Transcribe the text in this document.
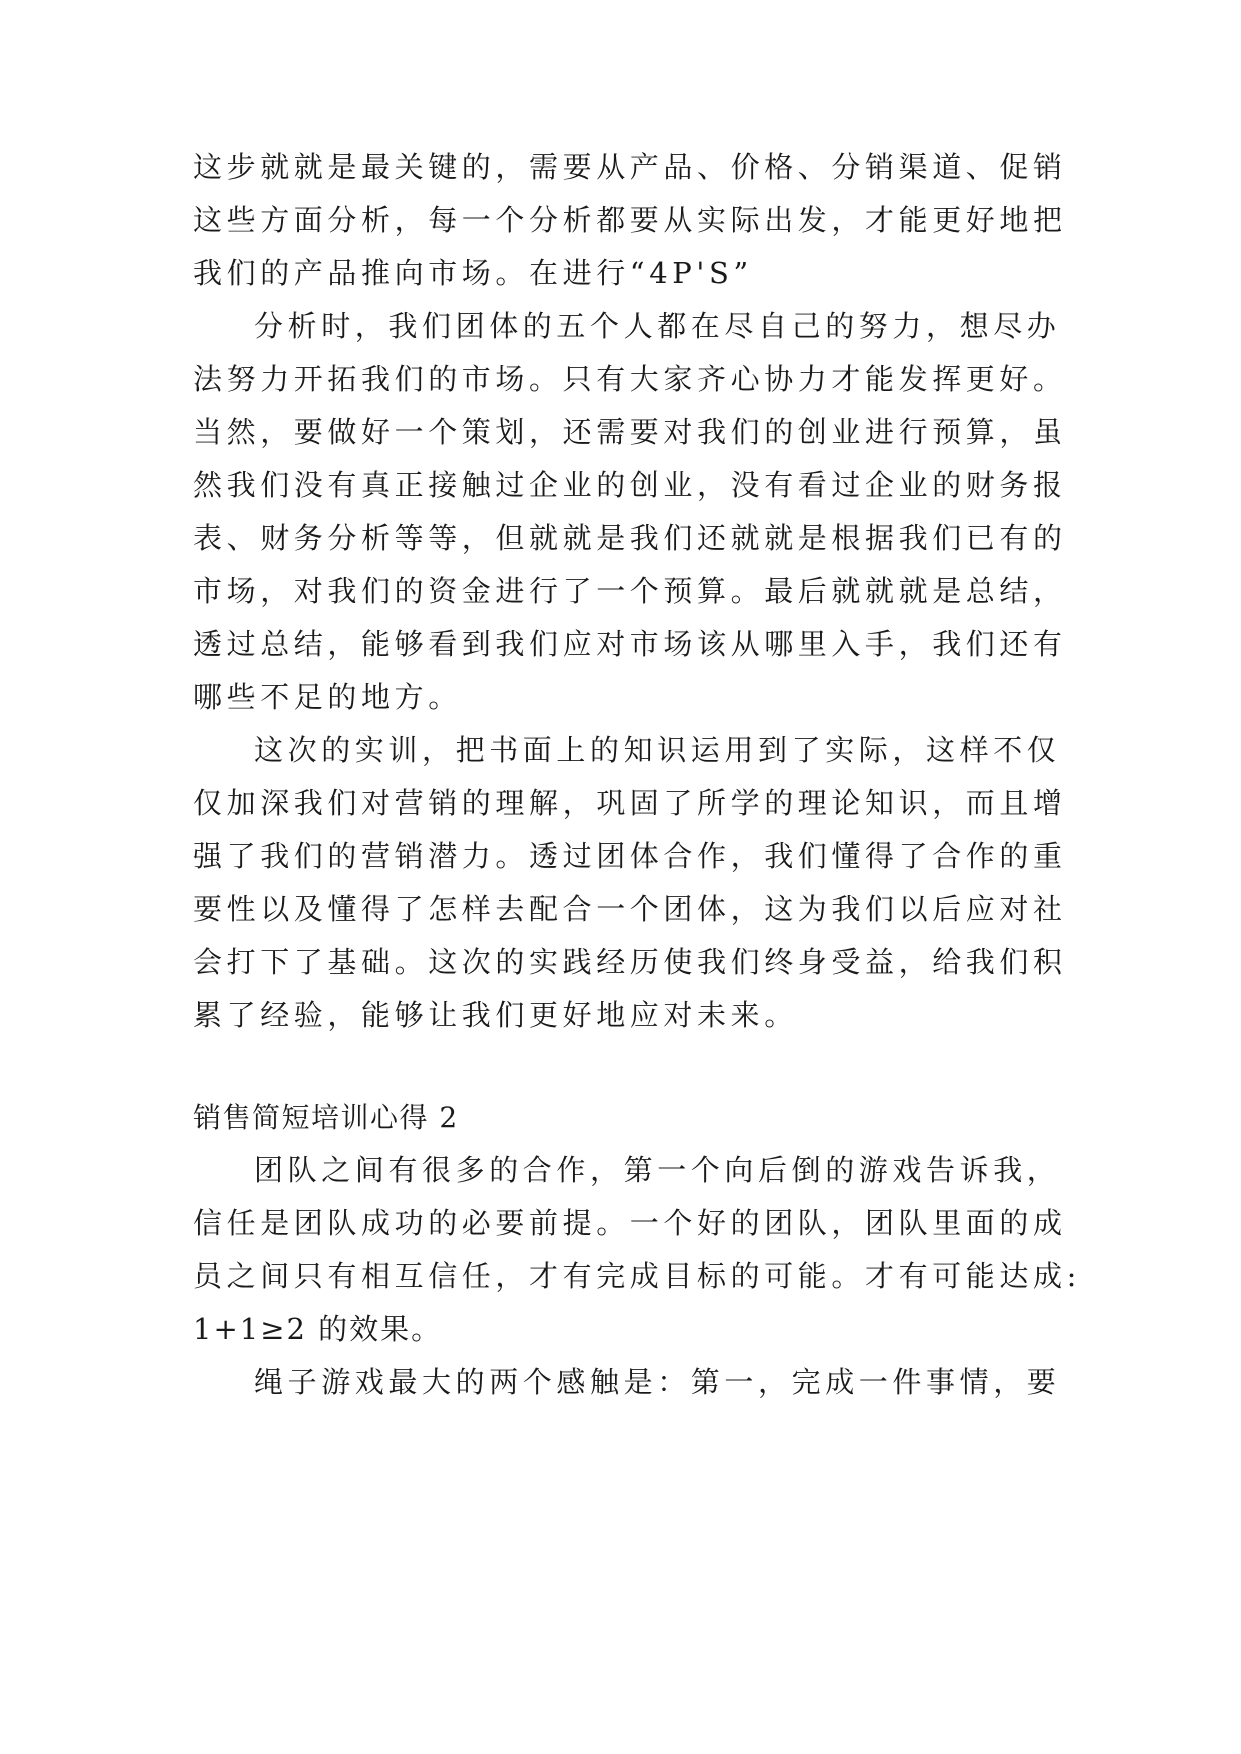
这步就就是最关键的，需要从产品、价格、分销渠道、促销
这些方面分析，每一个分析都要从实际出发，才能更好地把
我们的产品推向市场。在进行“4P'S”
分析时，我们团体的五个人都在尽自己的努力，想尽办
法努力开拓我们的市场。只有大家齐心协力才能发挥更好。
当然，要做好一个策划，还需要对我们的创业进行预算，虽
然我们没有真正接触过企业的创业，没有看过企业的财务报
表、财务分析等等，但就就是我们还就就是根据我们已有的
市场，对我们的资金进行了一个预算。最后就就就是总结，
透过总结，能够看到我们应对市场该从哪里入手，我们还有
哪些不足的地方。
这次的实训，把书面上的知识运用到了实际，这样不仅
仅加深我们对营销的理解，巩固了所学的理论知识，而且增
强了我们的营销潜力。透过团体合作，我们懂得了合作的重
要性以及懂得了怎样去配合一个团体，这为我们以后应对社
会打下了基础。这次的实践经历使我们终身受益，给我们积
累了经验，能够让我们更好地应对未来。
销售简短培训心得 2
团队之间有很多的合作，第一个向后倒的游戏告诉我，
信任是团队成功的必要前提。一个好的团队，团队里面的成
员之间只有相互信任，才有完成目标的可能。才有可能达成:
1+1≥2 的效果。
绳子游戏最大的两个感触是：第一，完成一件事情，要
